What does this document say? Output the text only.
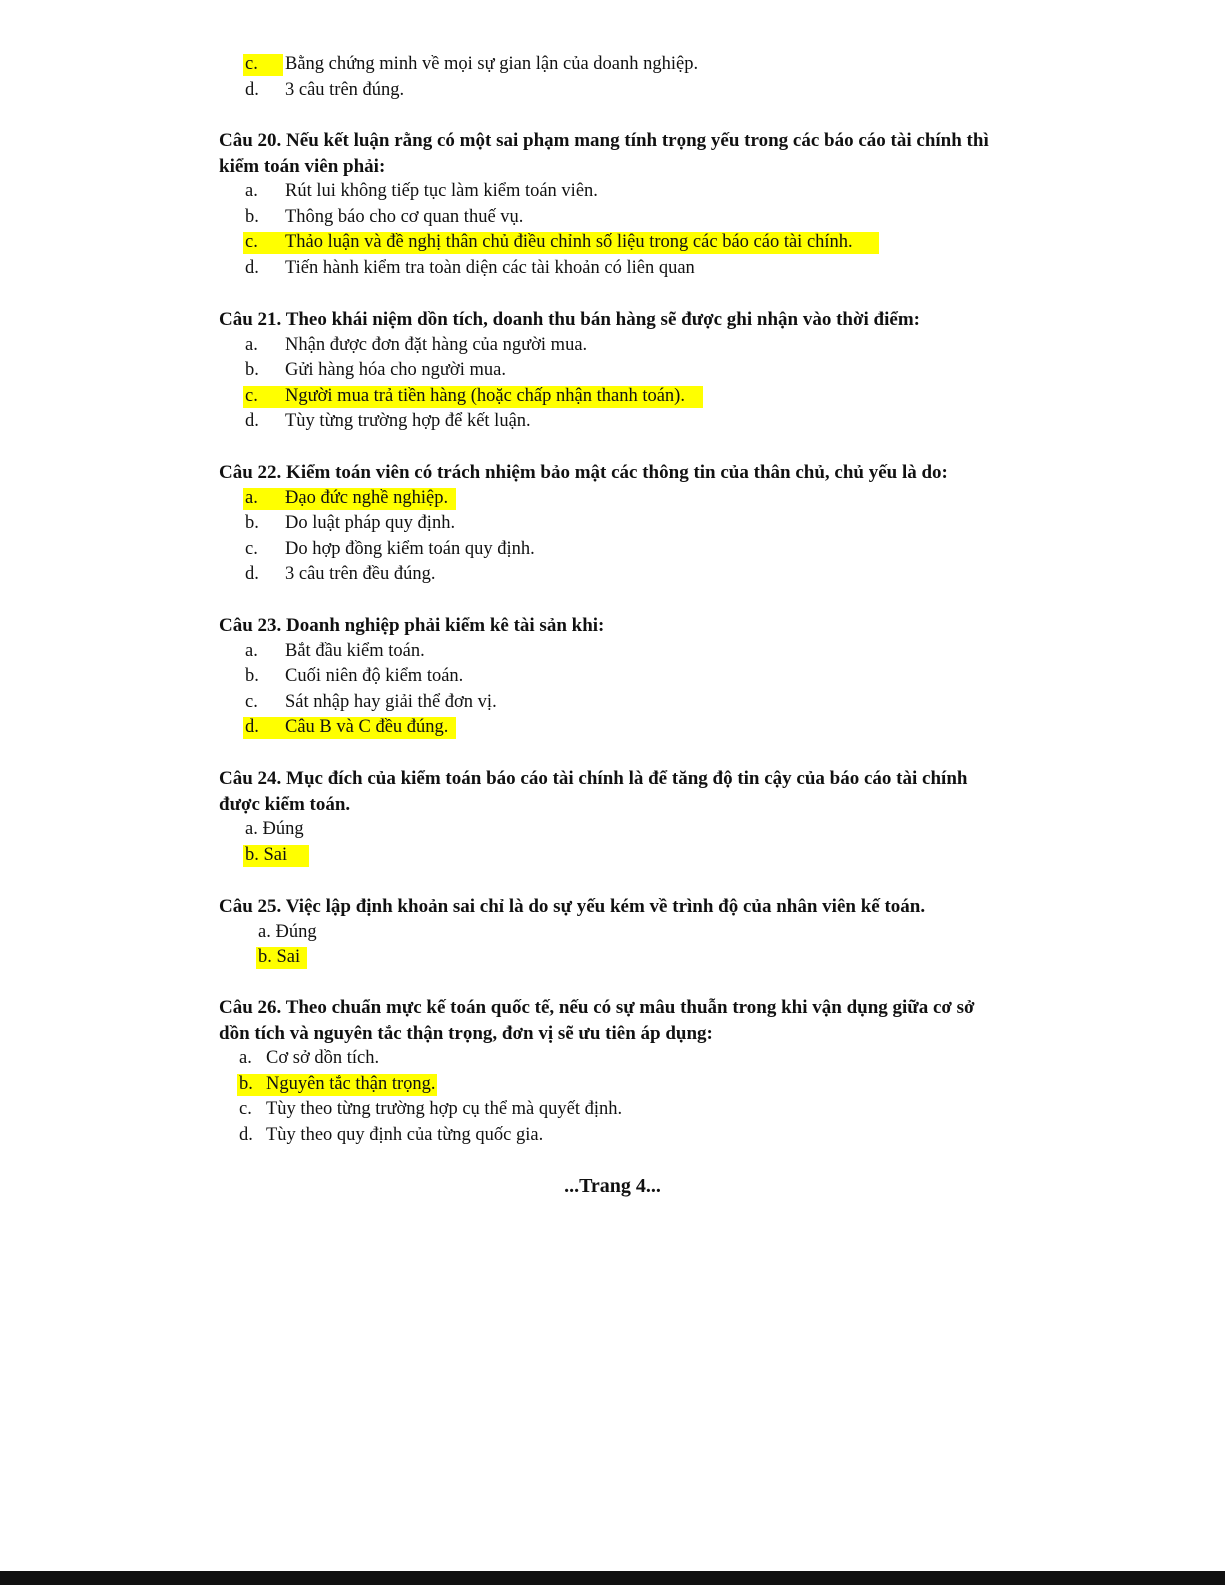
c. Bằng chứng minh về mọi sự gian lận của doanh nghiệp.
d. 3 câu trên đúng.

Câu 20. Nếu kết luận rằng có một sai phạm mang tính trọng yếu trong các báo cáo tài chính thì kiểm toán viên phải:

a. Rút lui không tiếp tục làm kiểm toán viên.
b. Thông báo cho cơ quan thuế vụ.
c. Thảo luận và đề nghị thân chủ điều chỉnh số liệu trong các báo cáo tài chính.
d. Tiến hành kiểm tra toàn diện các tài khoản có liên quan

Câu 21. Theo khái niệm dồn tích, doanh thu bán hàng sẽ được ghi nhận vào thời điểm:

a. Nhận được đơn đặt hàng của người mua.
b. Gửi hàng hóa cho người mua.
c. Người mua trả tiền hàng (hoặc chấp nhận thanh toán).
d. Tùy từng trường hợp để kết luận.

Câu 22. Kiểm toán viên có trách nhiệm bảo mật các thông tin của thân chủ, chủ yếu là do:

a. Đạo đức nghề nghiệp.
b. Do luật pháp quy định.
c. Do hợp đồng kiểm toán quy định.
d. 3 câu trên đều đúng.

Câu 23. Doanh nghiệp phải kiểm kê tài sản khi:

a. Bắt đầu kiểm toán.
b. Cuối niên độ kiểm toán.
c. Sát nhập hay giải thể đơn vị.
d. Câu B và C đều đúng.

Câu 24. Mục đích của kiểm toán báo cáo tài chính là để tăng độ tin cậy của báo cáo tài chính được kiểm toán.

a. Đúng
b. Sai

Câu 25. Việc lập định khoản sai chỉ là do sự yếu kém về trình độ của nhân viên kế toán.

a. Đúng
b. Sai

Câu 26. Theo chuẩn mực kế toán quốc tế, nếu có sự mâu thuẫn trong khi vận dụng giữa cơ sở dồn tích và nguyên tắc thận trọng, đơn vị sẽ ưu tiên áp dụng:

a. Cơ sở dồn tích.
b. Nguyên tắc thận trọng.
c. Tùy theo từng trường hợp cụ thể mà quyết định.
d. Tùy theo quy định của từng quốc gia.
...Trang 4...
